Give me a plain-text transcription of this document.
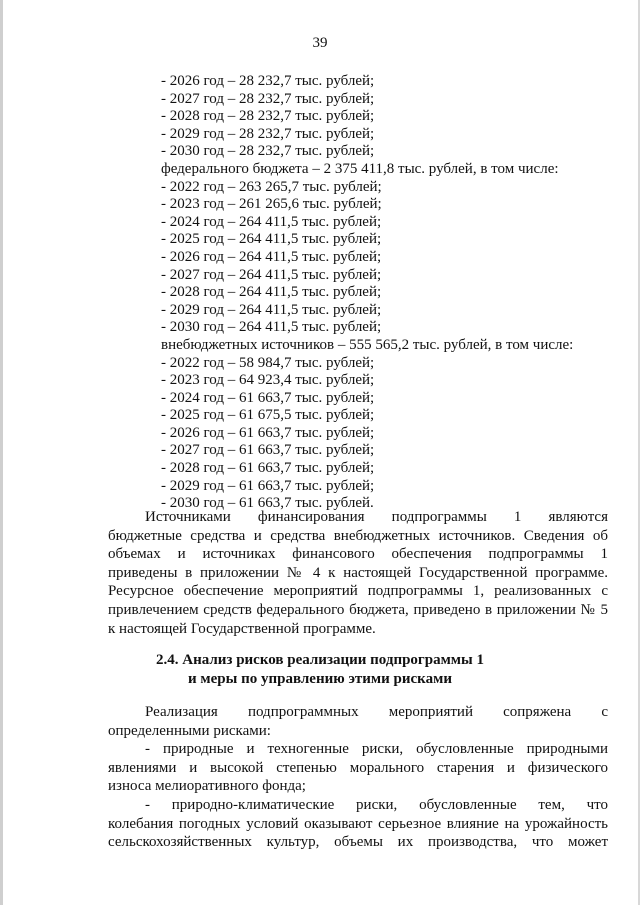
39
- 2026 год – 28 232,7 тыс. рублей;
- 2027 год – 28 232,7 тыс. рублей;
- 2028 год – 28 232,7 тыс. рублей;
- 2029 год – 28 232,7 тыс. рублей;
- 2030 год – 28 232,7 тыс. рублей;
федерального бюджета – 2 375 411,8 тыс. рублей, в том числе:
- 2022 год – 263 265,7 тыс. рублей;
- 2023 год – 261 265,6 тыс. рублей;
- 2024 год – 264 411,5 тыс. рублей;
- 2025 год – 264 411,5 тыс. рублей;
- 2026 год – 264 411,5 тыс. рублей;
- 2027 год – 264 411,5 тыс. рублей;
- 2028 год – 264 411,5 тыс. рублей;
- 2029 год – 264 411,5 тыс. рублей;
- 2030 год – 264 411,5 тыс. рублей;
внебюджетных источников – 555 565,2 тыс. рублей, в том числе:
- 2022 год – 58 984,7 тыс. рублей;
- 2023 год – 64 923,4 тыс. рублей;
- 2024 год – 61 663,7 тыс. рублей;
- 2025 год – 61 675,5 тыс. рублей;
- 2026 год – 61 663,7 тыс. рублей;
- 2027 год – 61 663,7 тыс. рублей;
- 2028 год – 61 663,7 тыс. рублей;
- 2029 год – 61 663,7 тыс. рублей;
- 2030 год – 61 663,7 тыс. рублей.
Источниками финансирования подпрограммы 1 являются
бюджетные средства и средства внебюджетных источников. Сведения об
объемах и источниках финансового обеспечения подпрограммы 1
приведены в приложении № 4 к настоящей Государственной программе.
Ресурсное обеспечение мероприятий подпрограммы 1, реализованных с
привлечением средств федерального бюджета, приведено в приложении № 5
к настоящей Государственной программе.
2.4. Анализ рисков реализации подпрограммы 1
и меры по управлению этими рисками
Реализация подпрограммных мероприятий сопряжена с
определенными рисками:
- природные и техногенные риски, обусловленные природными
явлениями и высокой степенью морального старения и физического
износа мелиоративного фонда;
- природно-климатические риски, обусловленные тем, что
колебания погодных условий оказывают серьезное влияние на урожайность
сельскохозяйственных культур, объемы их производства, что может
